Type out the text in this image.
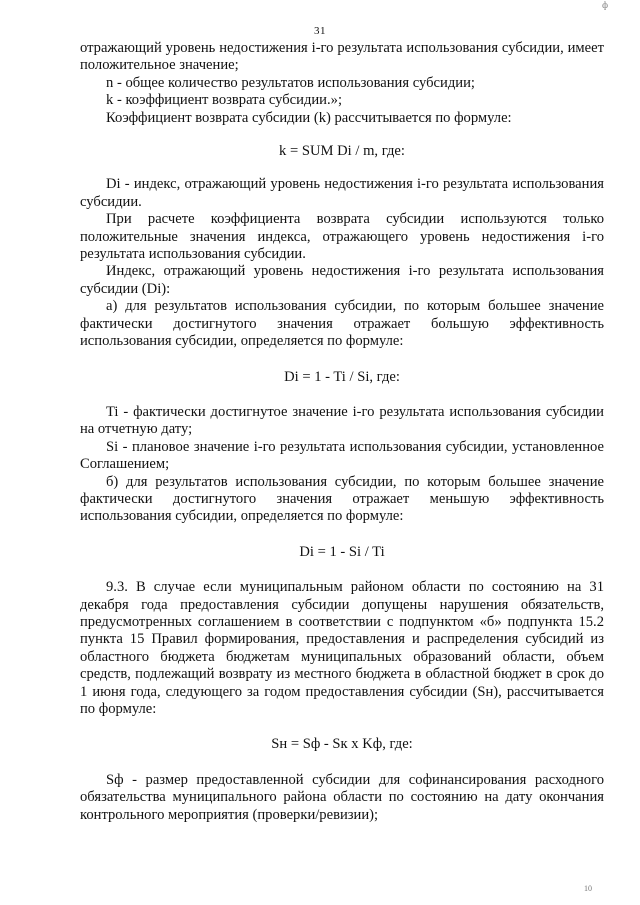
ф
31

отражающий уровень недостижения i-го результата использования субсидии, имеет положительное значение;

n - общее количество результатов использования субсидии;

k - коэффициент возврата субсидии.»;

Коэффициент возврата субсидии (k) рассчитывается по формуле:

k = SUM Di / m, где:

Di - индекс, отражающий уровень недостижения i-го результата использования субсидии.

При расчете коэффициента возврата субсидии используются только положительные значения индекса, отражающего уровень недостижения i-го результата использования субсидии.

Индекс, отражающий уровень недостижения i-го результата использования субсидии (Di):

а) для результатов использования субсидии, по которым большее значение фактически достигнутого значения отражает большую эффективность использования субсидии, определяется по формуле:

Di = 1 - Ti / Si, где:

Ti - фактически достигнутое значение i-го результата использования субсидии на отчетную дату;

Si - плановое значение i-го результата использования субсидии, установленное Соглашением;

б) для результатов использования субсидии, по которым большее значение фактически достигнутого значения отражает меньшую эффективность использования субсидии, определяется по формуле:

Di = 1 - Si / Ti

9.3. В случае если муниципальным районом области по состоянию на 31 декабря года предоставления субсидии допущены нарушения обязательств, предусмотренных соглашением в соответствии с подпунктом «б» подпункта 15.2 пункта 15 Правил формирования, предоставления и распределения субсидий из областного бюджета бюджетам муниципальных образований области, объем средств, подлежащий возврату из местного бюджета в областной бюджет в срок до 1 июня года, следующего за годом предоставления субсидии (Sн), рассчитывается по формуле:

Sн = Sф - Sк x Kф, где:

Sф - размер предоставленной субсидии для софинансирования расходного обязательства муниципального района области по состоянию на дату окончания контрольного мероприятия (проверки/ревизии);

10
